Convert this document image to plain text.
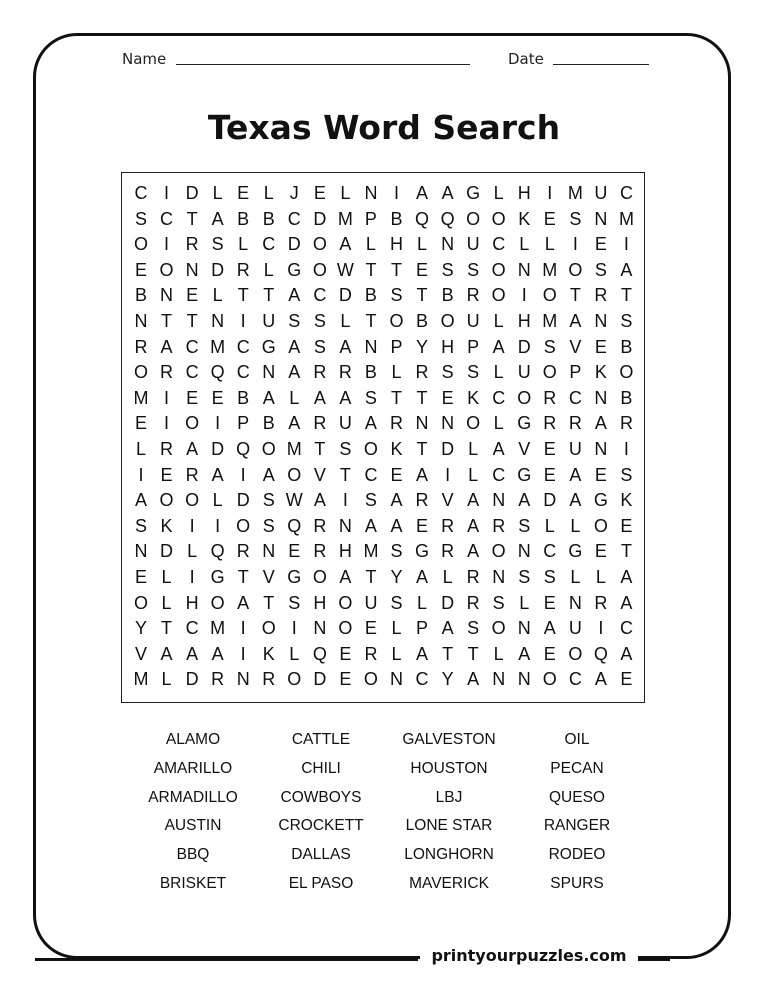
Name	Date
Texas Word Search
C I D L E L J E L N I A A G L H I M U C
S C T A B B C D M P B Q Q O O K E S N M
O I R S L C D O A L H L N U C L L	I E I
E O N D R L G O W T T E S S O N M O S A
B N E L T T A C D B S T B R O I O T R T
N T T N I U S S L T O B O U L H M A N S
R A C M C G A S A N P Y H P A D S V E B
O R C Q C N A R R B L R S S L U O P K O
M I E E B A L A A S T T E K C O R C N B
E I O I P B A R U A R N N O L G R R A R
L R A D Q O M T S O K T D L A V E U N I
I E R A I A O V T C E A I	L C G E A E S
A O O L D S W A I S A R V A N A D A G K
S K I	I O S Q R N A A E R A R S L L O E
N D L Q R N E R H M S G R A O N C G E T
E L	I G T V G O A T Y A L R N S S L L A
O L H O A T S H O U S L D R S L E N R A
Y T C M I O I N O E L P A S O N A U I C
V A A A I K L Q E R L A T T L A E O Q A
M L D R N R O D E O N C Y A N N O C A E
ALAMO	CATTLE	GALVESTON	OIL
AMARILLO	CHILI	HOUSTON	PECAN
ARMADILLO	COWBOYS	LBJ	QUESO
AUSTIN	CROCKETT	LONE STAR	RANGER
BBQ	DALLAS	LONGHORN	RODEO
BRISKET	EL PASO	MAVERICK	SPURS
printyourpuzzles.com
